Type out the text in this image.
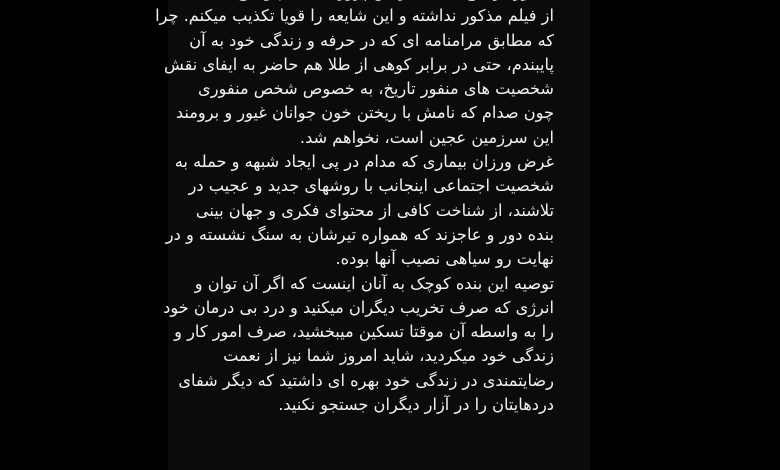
از فیلم مذکور نداشته و این شایعه را قویا تکذیب میکنم. چرا
که مطابق مرامنامه ای که در حرفه و زندگی خود به آن
پایبندم، حتی در برابر کوهی از طلا هم حاضر به ایفای نقش
شخصیت های منفور تاریخ، به خصوص شخص منفوری
چون صدام که نامش با ریختن خون جوانان غیور و برومند
این سرزمین عجین است، نخواهم شد.
غرض ورزان بیماری که مدام در پی ایجاد شبهه و حمله به
شخصیت اجتماعی اینجانب با روشهای جدید و عجیب در
تلاشند، از شناخت کافی از محتوای فکری و جهان بینی
بنده دور و عاجزند که همواره تیرشان به سنگ نشسته و در
نهایت رو سیاهی نصیب آنها بوده.
توصیه این بنده کوچک به آنان اینست که اگر آن توان و
انرژی که صرف تخریب دیگران میکنید و درد بی درمان خود
را به واسطه آن موقتا تسکین میبخشید، صرف امور کار و
زندگی خود میکردید، شاید امروز شما نیز از نعمت
رضایتمندی در زندگی خود بهره ای داشتید که دیگر شفای
دردهایتان را در آزار دیگران جستجو نکنید.
